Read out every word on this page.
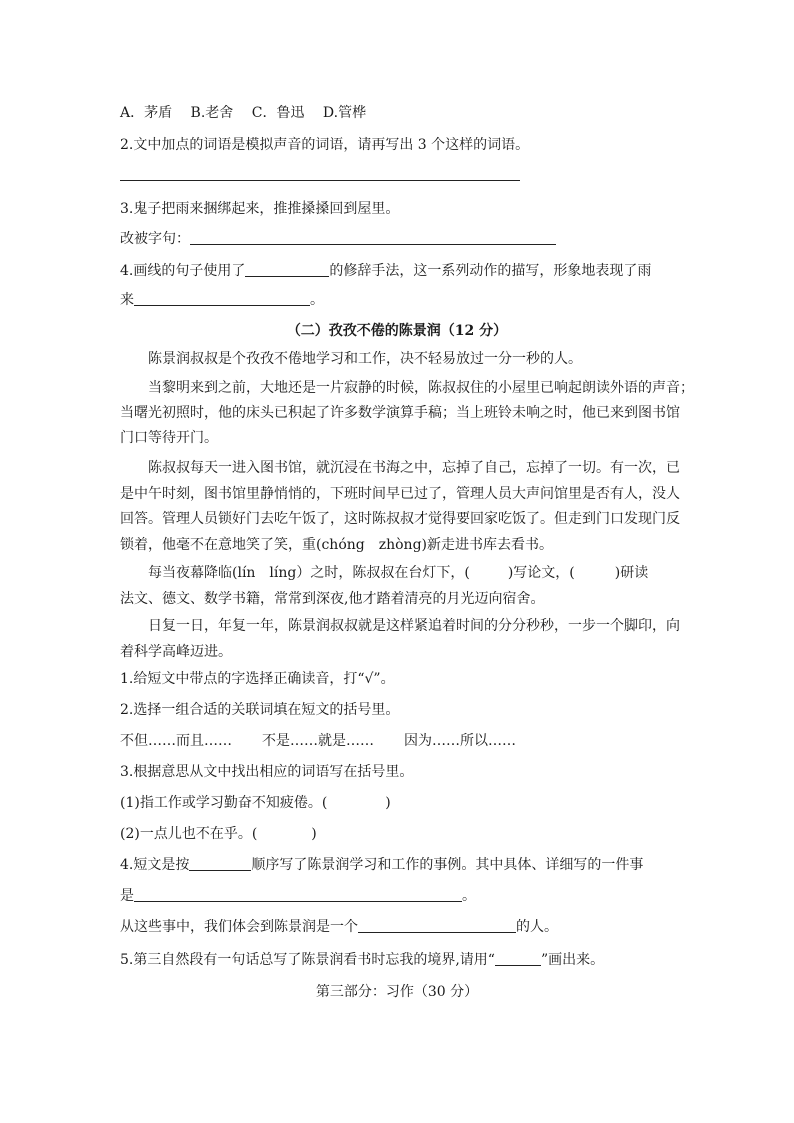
A．茅盾　 B.老舍　 C．鲁迅　 D.管桦
2.文中加点的词语是模拟声音的词语，请再写出 3 个这样的词语。
3.鬼子把雨来捆绑起来，推推搡搡回到屋里。
改被字句：
4.画线的句子使用了	的修辞手法，这一系列动作的描写，形象地表现了雨
来	。
（二）孜孜不倦的陈景润（12 分）
陈景润叔叔是个孜孜不倦地学习和工作，决不轻易放过一分一秒的人。
当黎明来到之前，大地还是一片寂静的时候，陈叔叔住的小屋里已响起朗读外语的声音；
当曙光初照时，他的床头已积起了许多数学演算手稿；当上班铃未响之时，他已来到图书馆
门口等待开门。
陈叔叔每天一进入图书馆，就沉浸在书海之中，忘掉了自己，忘掉了一切。有一次，已
是中午时刻，图书馆里静悄悄的，下班时间早已过了，管理人员大声问馆里是否有人，没人
回答。管理人员锁好门去吃午饭了，这时陈叔叔才觉得要回家吃饭了。但走到门口发现门反
锁着，他毫不在意地笑了笑，重(chóng　zhòng)新走进书库去看书。
每当夜幕降临(lín　líng）之时，陈叔叔在台灯下，(	)写论文，(	)研读
法文、德文、数学书籍，常常到深夜,他才踏着清亮的月光迈向宿舍。
日复一日，年复一年，陈景润叔叔就是这样紧追着时间的分分秒秒，一步一个脚印，向
着科学高峰迈进。
1.给短文中带点的字选择正确读音，打“√”。
2.选择一组合适的关联词填在短文的括号里。
不但……而且…… 不是……就是…… 因为……所以……
3.根据意思从文中找出相应的词语写在括号里。
(1)指工作或学习勤奋不知疲倦。(	)
(2)一点儿也不在乎。(	)
4.短文是按	顺序写了陈景润学习和工作的事例。其中具体、详细写的一件事
是	。
从这些事中，我们体会到陈景润是一个	的人。
5.第三自然段有一句话总写了陈景润看书时忘我的境界,请用“	”画出来。
第三部分：习作（30 分）
